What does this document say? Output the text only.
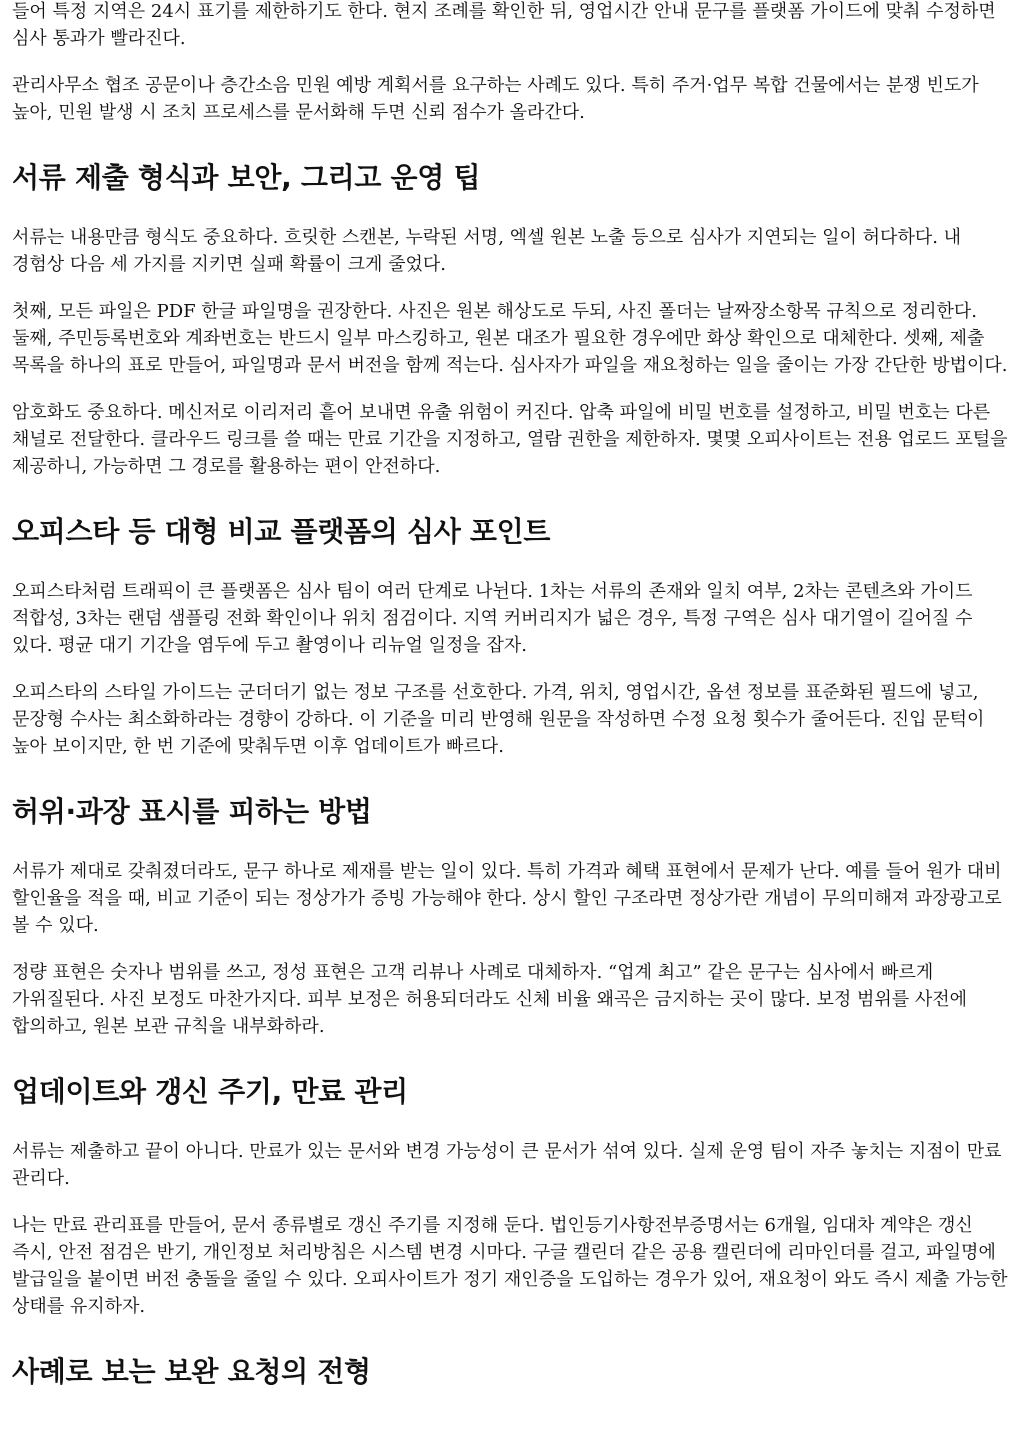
들어 특정 지역은 24시 표기를 제한하기도 한다. 현지 조례를 확인한 뒤, 영업시간 안내 문구를 플랫폼 가이드에 맞춰 수정하면 심사 통과가 빨라진다.

관리사무소 협조 공문이나 층간소음 민원 예방 계획서를 요구하는 사례도 있다. 특히 주거·업무 복합 건물에서는 분쟁 빈도가 높아, 민원 발생 시 조치 프로세스를 문서화해 두면 신뢰 점수가 올라간다.

서류 제출 형식과 보안, 그리고 운영 팁

서류는 내용만큼 형식도 중요하다. 흐릿한 스캔본, 누락된 서명, 엑셀 원본 노출 등으로 심사가 지연되는 일이 허다하다. 내 경험상 다음 세 가지를 지키면 실패 확률이 크게 줄었다.

첫째, 모든 파일은 PDF 한글 파일명을 권장한다. 사진은 원본 해상도로 두되, 사진 폴더는 날짜장소항목 규칙으로 정리한다. 둘째, 주민등록번호와 계좌번호는 반드시 일부 마스킹하고, 원본 대조가 필요한 경우에만 화상 확인으로 대체한다. 셋째, 제출 목록을 하나의 표로 만들어, 파일명과 문서 버전을 함께 적는다. 심사자가 파일을 재요청하는 일을 줄이는 가장 간단한 방법이다.

암호화도 중요하다. 메신저로 이리저리 흩어 보내면 유출 위험이 커진다. 압축 파일에 비밀 번호를 설정하고, 비밀 번호는 다른 채널로 전달한다. 클라우드 링크를 쓸 때는 만료 기간을 지정하고, 열람 권한을 제한하자. 몇몇 오피사이트는 전용 업로드 포털을 제공하니, 가능하면 그 경로를 활용하는 편이 안전하다.

오피스타 등 대형 비교 플랫폼의 심사 포인트

오피스타처럼 트래픽이 큰 플랫폼은 심사 팀이 여러 단계로 나뉜다. 1차는 서류의 존재와 일치 여부, 2차는 콘텐츠와 가이드 적합성, 3차는 랜덤 샘플링 전화 확인이나 위치 점검이다. 지역 커버리지가 넓은 경우, 특정 구역은 심사 대기열이 길어질 수 있다. 평균 대기 기간을 염두에 두고 촬영이나 리뉴얼 일정을 잡자.

오피스타의 스타일 가이드는 군더더기 없는 정보 구조를 선호한다. 가격, 위치, 영업시간, 옵션 정보를 표준화된 필드에 넣고, 문장형 수사는 최소화하라는 경향이 강하다. 이 기준을 미리 반영해 원문을 작성하면 수정 요청 횟수가 줄어든다. 진입 문턱이 높아 보이지만, 한 번 기준에 맞춰두면 이후 업데이트가 빠르다.

허위·과장 표시를 피하는 방법

서류가 제대로 갖춰졌더라도, 문구 하나로 제재를 받는 일이 있다. 특히 가격과 혜택 표현에서 문제가 난다. 예를 들어 원가 대비 할인율을 적을 때, 비교 기준이 되는 정상가가 증빙 가능해야 한다. 상시 할인 구조라면 정상가란 개념이 무의미해져 과장광고로 볼 수 있다.

정량 표현은 숫자나 범위를 쓰고, 정성 표현은 고객 리뷰나 사례로 대체하자. “업계 최고” 같은 문구는 심사에서 빠르게 가위질된다. 사진 보정도 마찬가지다. 피부 보정은 허용되더라도 신체 비율 왜곡은 금지하는 곳이 많다. 보정 범위를 사전에 합의하고, 원본 보관 규칙을 내부화하라.

업데이트와 갱신 주기, 만료 관리

서류는 제출하고 끝이 아니다. 만료가 있는 문서와 변경 가능성이 큰 문서가 섞여 있다. 실제 운영 팀이 자주 놓치는 지점이 만료 관리다.

나는 만료 관리표를 만들어, 문서 종류별로 갱신 주기를 지정해 둔다. 법인등기사항전부증명서는 6개월, 임대차 계약은 갱신 즉시, 안전 점검은 반기, 개인정보 처리방침은 시스템 변경 시마다. 구글 캘린더 같은 공용 캘린더에 리마인더를 걸고, 파일명에 발급일을 붙이면 버전 충돌을 줄일 수 있다. 오피사이트가 정기 재인증을 도입하는 경우가 있어, 재요청이 와도 즉시 제출 가능한 상태를 유지하자.

사례로 보는 보완 요청의 전형
